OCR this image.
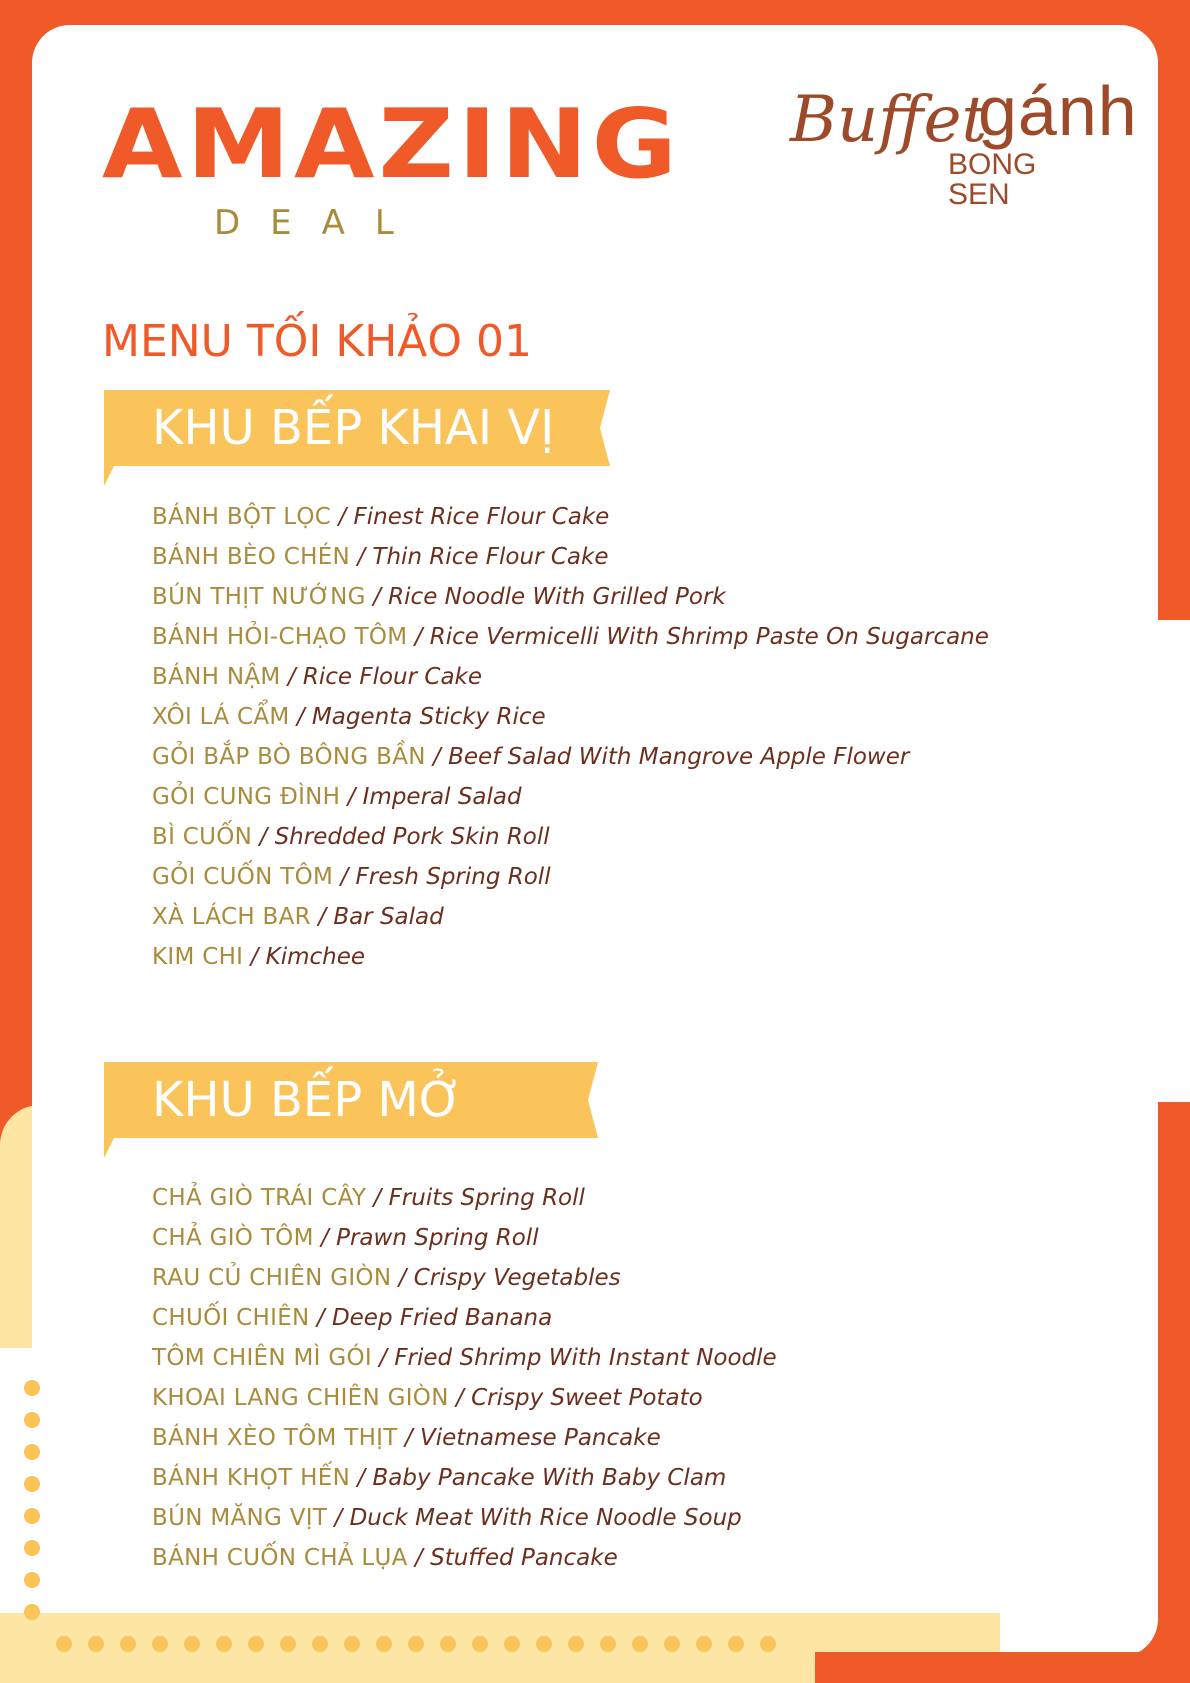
AMAZING
DEAL
Buffet
gánh
BONG SEN
MENU TỐI KHẢO 01
KHU BẾP KHAI VỊ
BÁNH BỘT LỌC / Finest Rice Flour Cake
BÁNH BÈO CHÉN / Thin Rice Flour Cake
BÚN THỊT NƯỚNG / Rice Noodle With Grilled Pork
BÁNH HỎI-CHẠO TÔM / Rice Vermicelli With Shrimp Paste On Sugarcane
BÁNH NẬM / Rice Flour Cake
XÔI LÁ CẨM / Magenta Sticky Rice
GỎI BẮP BÒ BÔNG BẦN / Beef Salad With Mangrove Apple Flower
GỎI CUNG ĐÌNH / Imperal Salad
BÌ CUỐN / Shredded Pork Skin Roll
GỎI CUỐN TÔM / Fresh Spring Roll
XÀ LÁCH BAR / Bar Salad
KIM CHI / Kimchee
KHU BẾP MỞ
CHẢ GIÒ TRÁI CÂY / Fruits Spring Roll
CHẢ GIÒ TÔM / Prawn Spring Roll
RAU CỦ CHIÊN GIÒN / Crispy Vegetables
CHUỐI CHIÊN / Deep Fried Banana
TÔM CHIÊN MÌ GÓI / Fried Shrimp With Instant Noodle
KHOAI LANG CHIÊN GIÒN / Crispy Sweet Potato
BÁNH XÈO TÔM THỊT / Vietnamese Pancake
BÁNH KHỌT HẾN / Baby Pancake With Baby Clam
BÚN MĂNG VỊT / Duck Meat With Rice Noodle Soup
BÁNH CUỐN CHẢ LỤA / Stuffed Pancake
